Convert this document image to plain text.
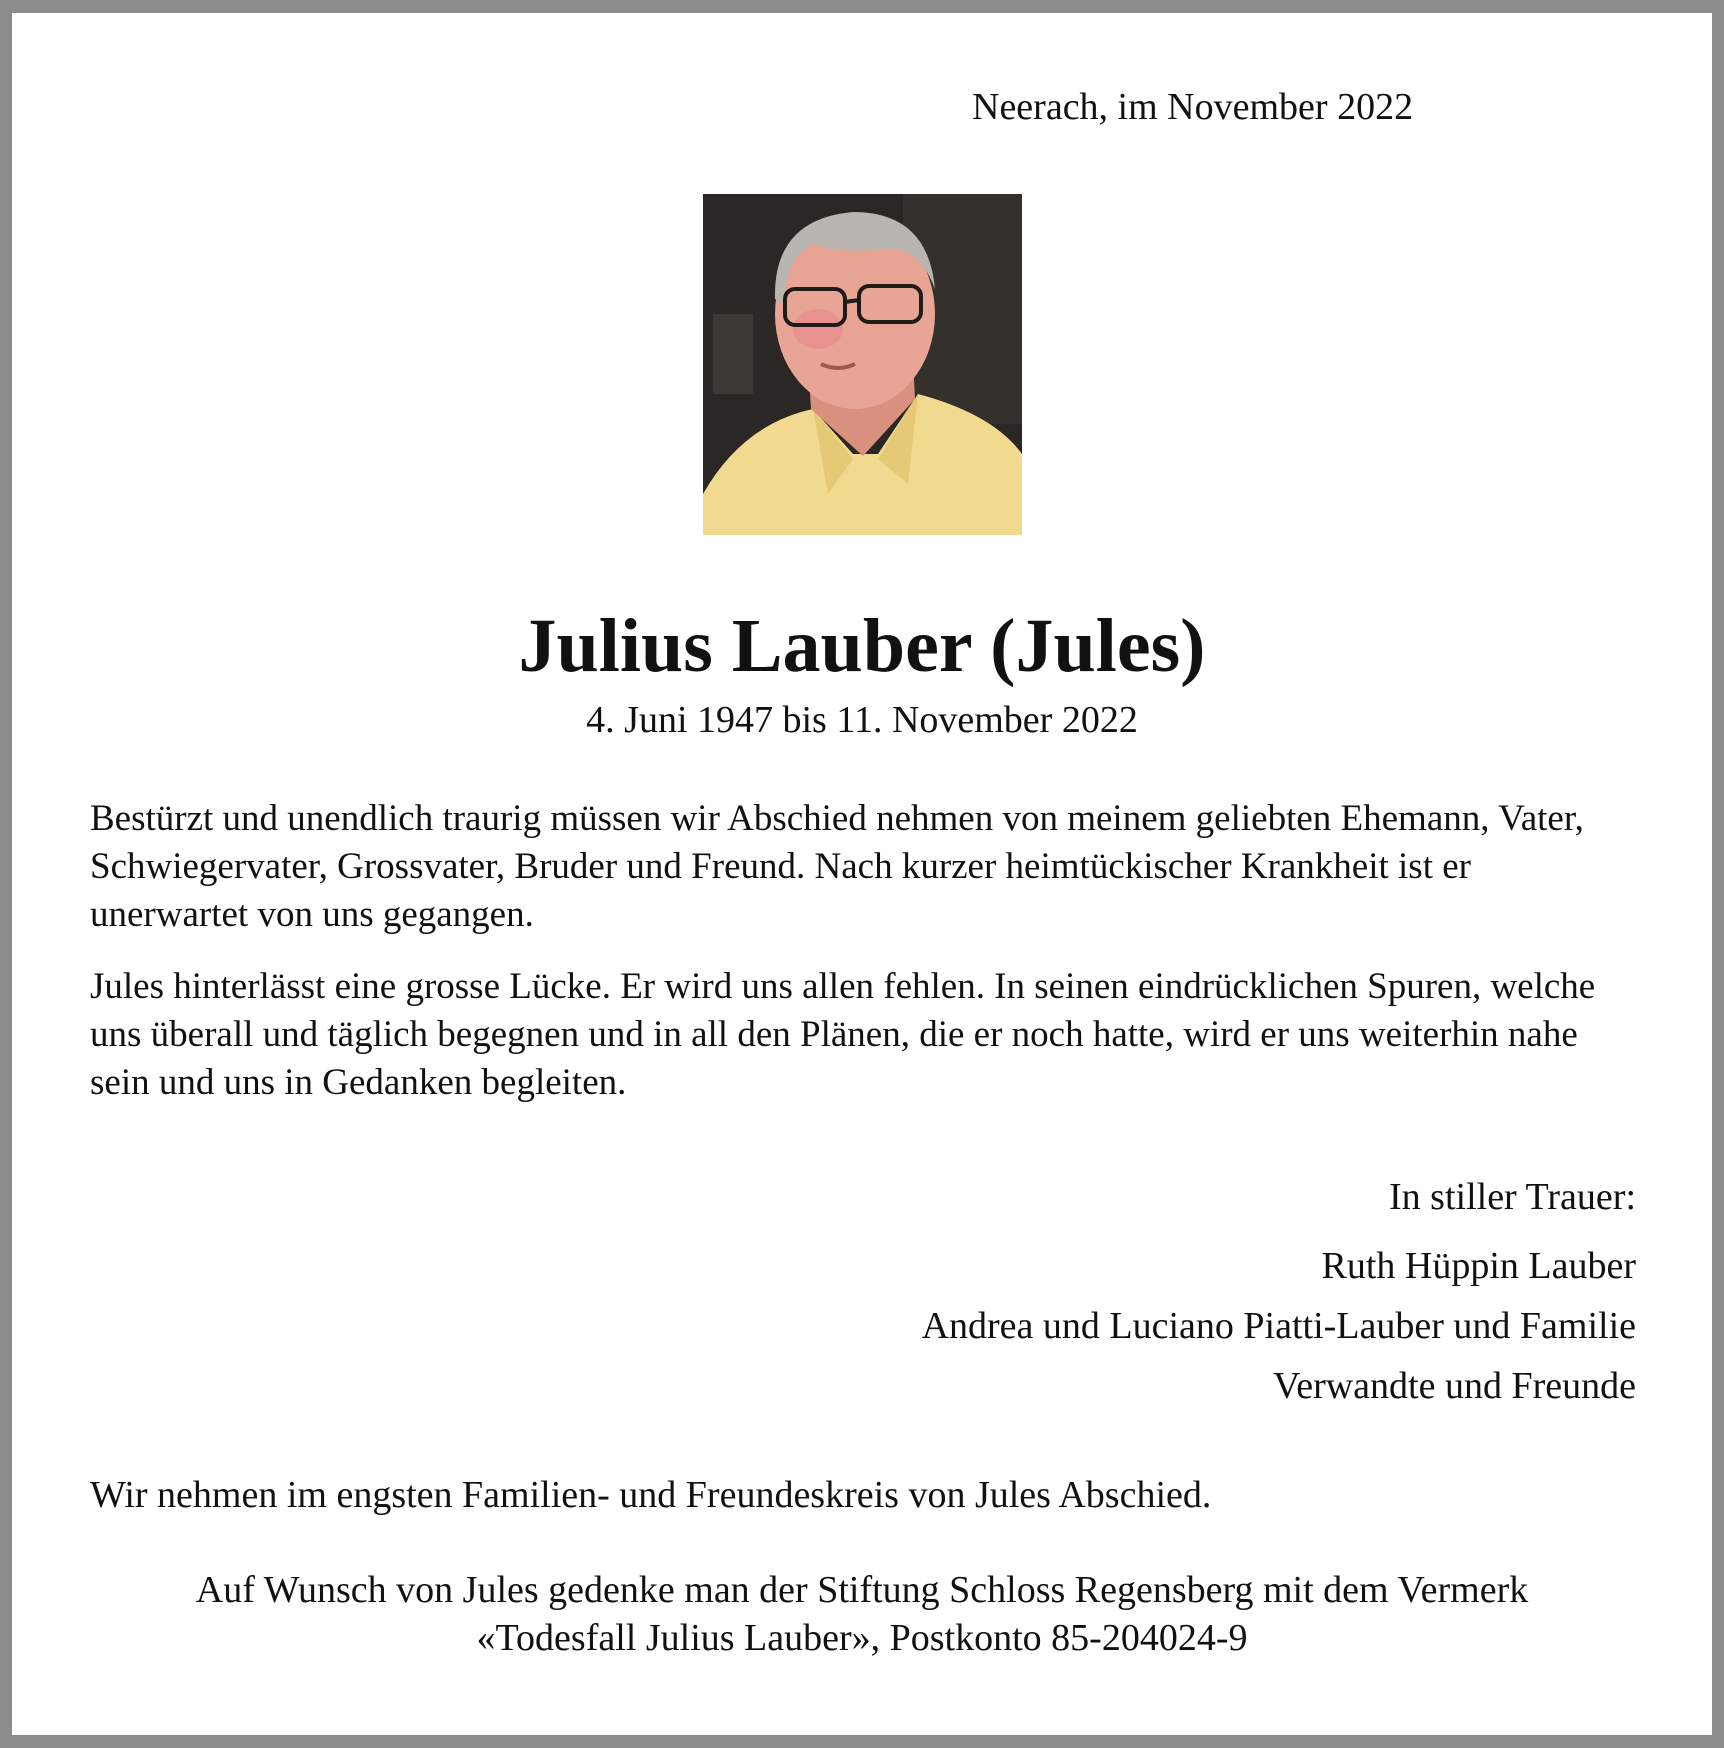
Neerach, im November 2022
Julius Lauber (Jules)
4. Juni 1947 bis 11. November 2022

Bestürzt und unendlich traurig müssen wir Abschied nehmen von meinem geliebten Ehemann, Vater, Schwiegervater, Grossvater, Bruder und Freund. Nach kurzer heimtückischer Krankheit ist er unerwartet von uns gegangen.

Jules hinterlässt eine grosse Lücke. Er wird uns allen fehlen. In seinen eindrücklichen Spuren, welche uns überall und täglich begegnen und in all den Plänen, die er noch hatte, wird er uns weiterhin nahe sein und uns in Gedanken begleiten.

In stiller Trauer:
Ruth Hüppin Lauber
Andrea und Luciano Piatti-Lauber und Familie
Verwandte und Freunde
Wir nehmen im engsten Familien- und Freundeskreis von Jules Abschied.
Auf Wunsch von Jules gedenke man der Stiftung Schloss Regensberg mit dem Vermerk
«Todesfall Julius Lauber», Postkonto 85-204024-9
